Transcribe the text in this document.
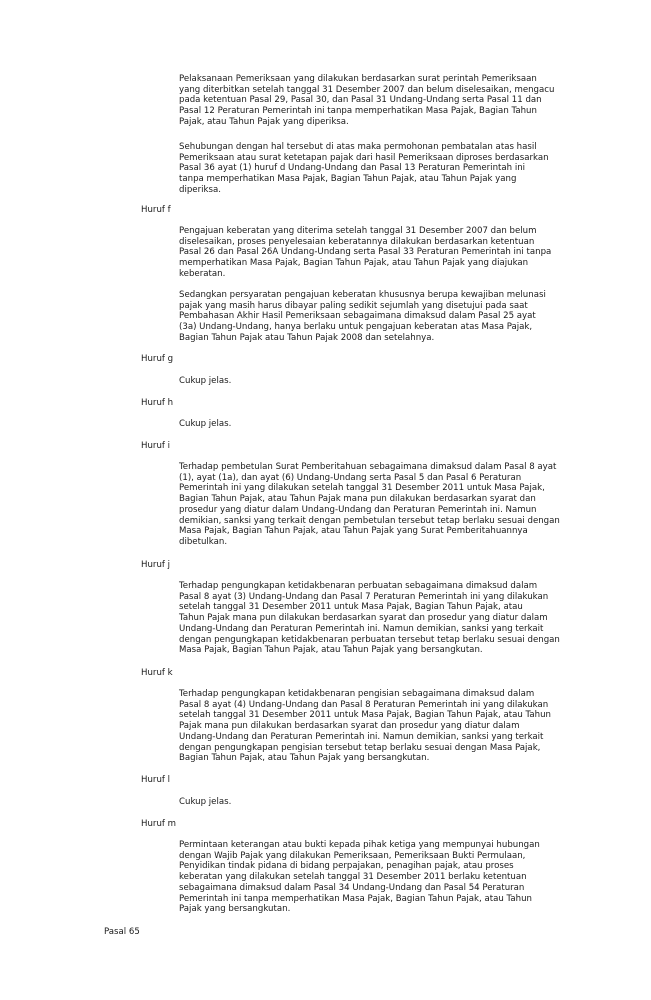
Pelaksanaan Pemeriksaan yang dilakukan berdasarkan surat perintah Pemeriksaan
yang diterbitkan setelah tanggal 31 Desember 2007 dan belum diselesaikan, mengacu
pada ketentuan Pasal 29, Pasal 30, dan Pasal 31 Undang-Undang serta Pasal 11 dan
Pasal 12 Peraturan Pemerintah ini tanpa memperhatikan Masa Pajak, Bagian Tahun
Pajak, atau Tahun Pajak yang diperiksa.

Sehubungan dengan hal tersebut di atas maka permohonan pembatalan atas hasil
Pemeriksaan atau surat ketetapan pajak dari hasil Pemeriksaan diproses berdasarkan
Pasal 36 ayat (1) huruf d Undang-Undang dan Pasal 13 Peraturan Pemerintah ini
tanpa memperhatikan Masa Pajak, Bagian Tahun Pajak, atau Tahun Pajak yang
diperiksa.

Huruf f

Pengajuan keberatan yang diterima setelah tanggal 31 Desember 2007 dan belum
diselesaikan, proses penyelesaian keberatannya dilakukan berdasarkan ketentuan
Pasal 26 dan Pasal 26A Undang-Undang serta Pasal 33 Peraturan Pemerintah ini tanpa
memperhatikan Masa Pajak, Bagian Tahun Pajak, atau Tahun Pajak yang diajukan
keberatan.

Sedangkan persyaratan pengajuan keberatan khususnya berupa kewajiban melunasi
pajak yang masih harus dibayar paling sedikit sejumlah yang disetujui pada saat
Pembahasan Akhir Hasil Pemeriksaan sebagaimana dimaksud dalam Pasal 25 ayat
(3a) Undang-Undang, hanya berlaku untuk pengajuan keberatan atas Masa Pajak,
Bagian Tahun Pajak atau Tahun Pajak 2008 dan setelahnya.

Huruf g

Cukup jelas.

Huruf h

Cukup jelas.

Huruf i

Terhadap pembetulan Surat Pemberitahuan sebagaimana dimaksud dalam Pasal 8 ayat
(1), ayat (1a), dan ayat (6) Undang-Undang serta Pasal 5 dan Pasal 6 Peraturan
Pemerintah ini yang dilakukan setelah tanggal 31 Desember 2011 untuk Masa Pajak,
Bagian Tahun Pajak, atau Tahun Pajak mana pun dilakukan berdasarkan syarat dan
prosedur yang diatur dalam Undang-Undang dan Peraturan Pemerintah ini. Namun
demikian, sanksi yang terkait dengan pembetulan tersebut tetap berlaku sesuai dengan
Masa Pajak, Bagian Tahun Pajak, atau Tahun Pajak yang Surat Pemberitahuannya
dibetulkan.

Huruf j

Terhadap pengungkapan ketidakbenaran perbuatan sebagaimana dimaksud dalam
Pasal 8 ayat (3) Undang-Undang dan Pasal 7 Peraturan Pemerintah ini yang dilakukan
setelah tanggal 31 Desember 2011 untuk Masa Pajak, Bagian Tahun Pajak, atau
Tahun Pajak mana pun dilakukan berdasarkan syarat dan prosedur yang diatur dalam
Undang-Undang dan Peraturan Pemerintah ini. Namun demikian, sanksi yang terkait
dengan pengungkapan ketidakbenaran perbuatan tersebut tetap berlaku sesuai dengan
Masa Pajak, Bagian Tahun Pajak, atau Tahun Pajak yang bersangkutan.

Huruf k

Terhadap pengungkapan ketidakbenaran pengisian sebagaimana dimaksud dalam
Pasal 8 ayat (4) Undang-Undang dan Pasal 8 Peraturan Pemerintah ini yang dilakukan
setelah tanggal 31 Desember 2011 untuk Masa Pajak, Bagian Tahun Pajak, atau Tahun
Pajak mana pun dilakukan berdasarkan syarat dan prosedur yang diatur dalam
Undang-Undang dan Peraturan Pemerintah ini. Namun demikian, sanksi yang terkait
dengan pengungkapan pengisian tersebut tetap berlaku sesuai dengan Masa Pajak,
Bagian Tahun Pajak, atau Tahun Pajak yang bersangkutan.

Huruf l

Cukup jelas.

Huruf m

Permintaan keterangan atau bukti kepada pihak ketiga yang mempunyai hubungan
dengan Wajib Pajak yang dilakukan Pemeriksaan, Pemeriksaan Bukti Permulaan,
Penyidikan tindak pidana di bidang perpajakan, penagihan pajak, atau proses
keberatan yang dilakukan setelah tanggal 31 Desember 2011 berlaku ketentuan
sebagaimana dimaksud dalam Pasal 34 Undang-Undang dan Pasal 54 Peraturan
Pemerintah ini tanpa memperhatikan Masa Pajak, Bagian Tahun Pajak, atau Tahun
Pajak yang bersangkutan.

Pasal 65
